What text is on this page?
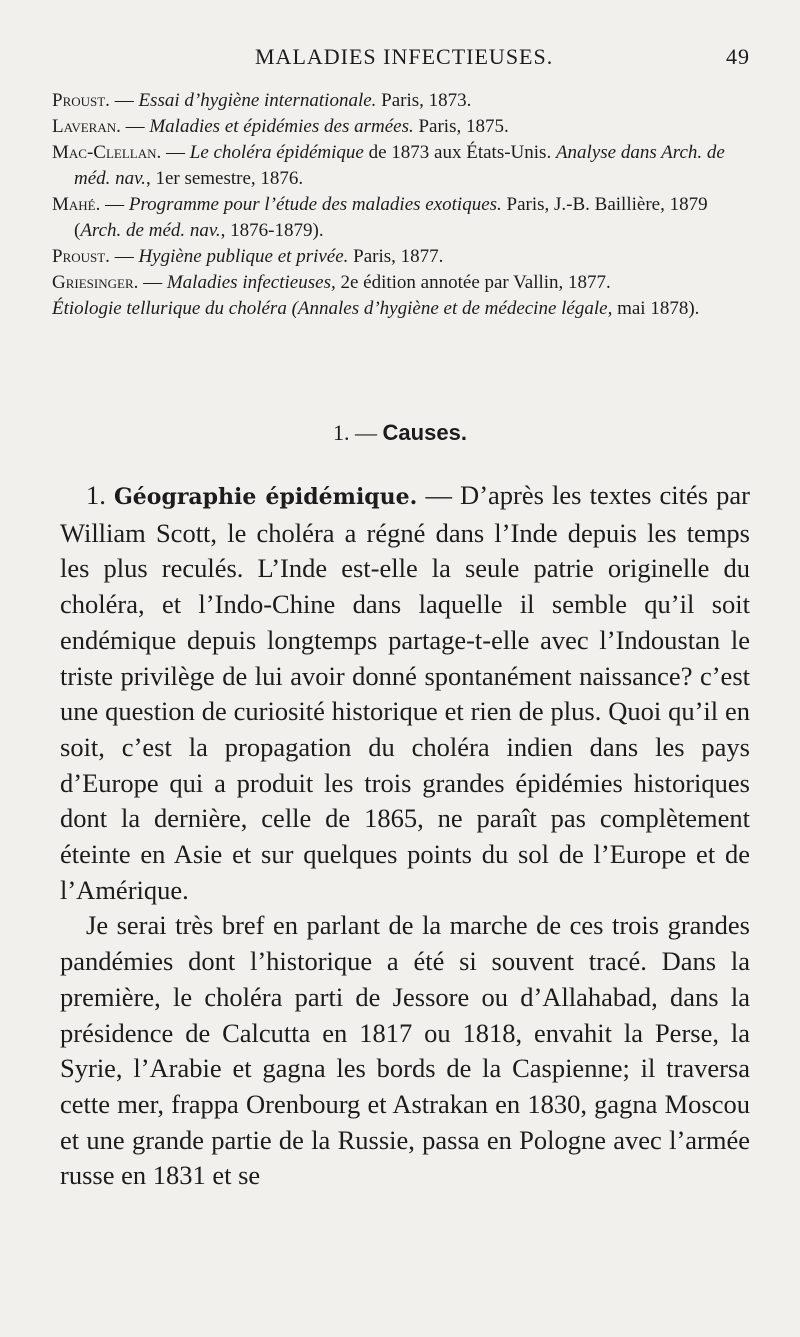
MALADIES INFECTIEUSES.	49

Proust. — Essai d’hygiène internationale. Paris, 1873.

Laveran. — Maladies et épidémies des armées. Paris, 1875.

Mac-Clellan. — Le choléra épidémique de 1873 aux États-Unis. Analyse dans Arch. de méd. nav., 1er semestre, 1876.

Mahé. — Programme pour l’étude des maladies exotiques. Paris, J.-B. Baillière, 1879 (Arch. de méd. nav., 1876-1879).

Proust. — Hygiène publique et privée. Paris, 1877.

Griesinger. — Maladies infectieuses, 2e édition annotée par Vallin, 1877.

Étiologie tellurique du choléra (Annales d’hygiène et de médecine légale, mai 1878).

1. — Causes.

1. Géographie épidémique. — D’après les textes cités par William Scott, le choléra a régné dans l’Inde depuis les temps les plus reculés. L’Inde est-elle la seule patrie originelle du choléra, et l’Indo-Chine dans laquelle il semble qu’il soit endémique depuis longtemps partage-t-elle avec l’Indoustan le triste privilège de lui avoir donné spontanément naissance? c’est une question de curiosité historique et rien de plus. Quoi qu’il en soit, c’est la propagation du choléra indien dans les pays d’Europe qui a produit les trois grandes épidémies historiques dont la dernière, celle de 1865, ne paraît pas complètement éteinte en Asie et sur quelques points du sol de l’Europe et de l’Amérique.

Je serai très bref en parlant de la marche de ces trois grandes pandémies dont l’historique a été si souvent tracé. Dans la première, le choléra parti de Jessore ou d’Allahabad, dans la présidence de Calcutta en 1817 ou 1818, envahit la Perse, la Syrie, l’Arabie et gagna les bords de la Caspienne; il traversa cette mer, frappa Orenbourg et Astrakan en 1830, gagna Moscou et une grande partie de la Russie, passa en Pologne avec l’armée russe en 1831 et se
